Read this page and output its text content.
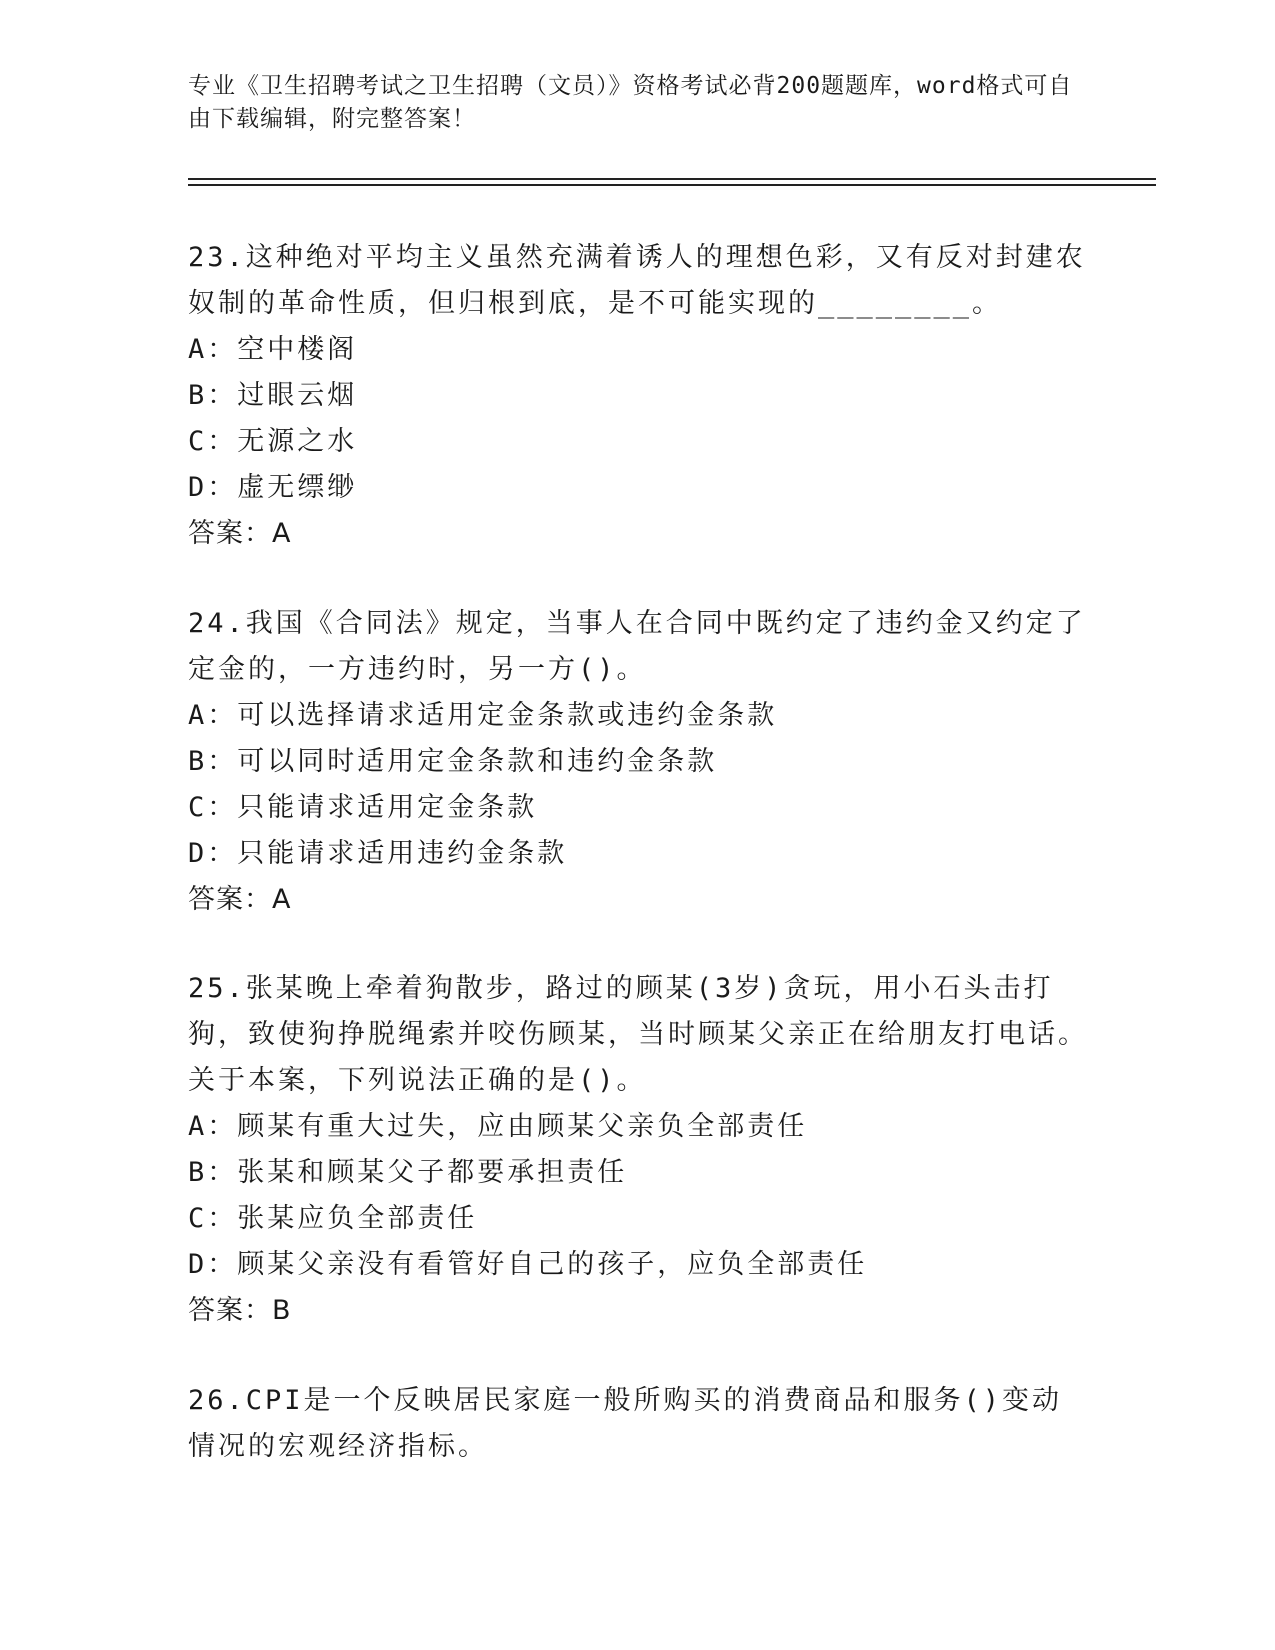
专业《卫生招聘考试之卫生招聘（文员）》资格考试必背200题题库，word格式可自由下载编辑，附完整答案！
23.这种绝对平均主义虽然充满着诱人的理想色彩，又有反对封建农奴制的革命性质，但归根到底，是不可能实现的________。
A：空中楼阁
B：过眼云烟
C：无源之水
D：虚无缥缈
答案：A
24.我国《合同法》规定，当事人在合同中既约定了违约金又约定了定金的，一方违约时，另一方()。
A：可以选择请求适用定金条款或违约金条款
B：可以同时适用定金条款和违约金条款
C：只能请求适用定金条款
D：只能请求适用违约金条款
答案：A
25.张某晚上牵着狗散步，路过的顾某(3岁)贪玩，用小石头击打狗，致使狗挣脱绳索并咬伤顾某，当时顾某父亲正在给朋友打电话。关于本案，下列说法正确的是()。
A：顾某有重大过失，应由顾某父亲负全部责任
B：张某和顾某父子都要承担责任
C：张某应负全部责任
D：顾某父亲没有看管好自己的孩子，应负全部责任
答案：B
26.CPI是一个反映居民家庭一般所购买的消费商品和服务()变动情况的宏观经济指标。
